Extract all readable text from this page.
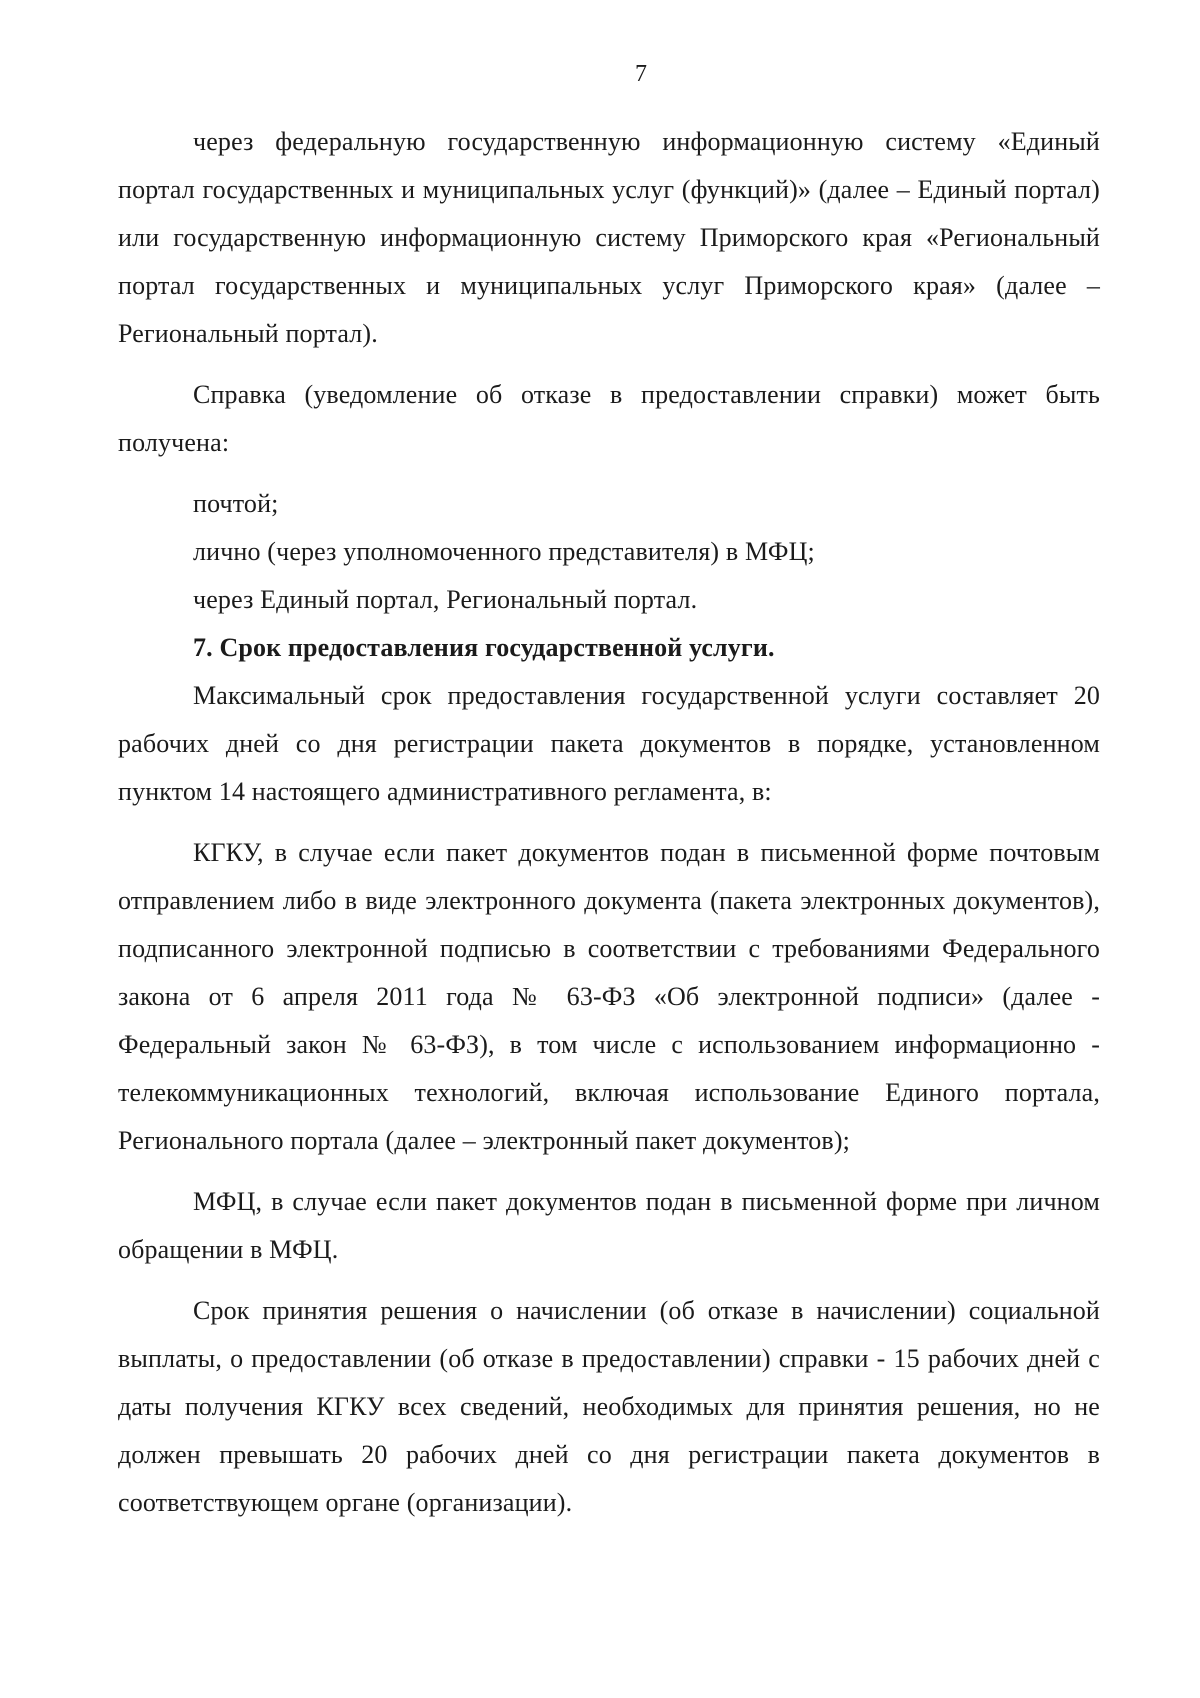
7

через федеральную государственную информационную систему «Единый портал государственных и муниципальных услуг (функций)» (далее – Единый портал) или государственную информационную систему Приморского края «Региональный портал государственных и муниципальных услуг Приморского края» (далее – Региональный портал).

Справка (уведомление об отказе в предоставлении справки) может быть получена:

почтой;

лично (через уполномоченного представителя) в МФЦ;

через Единый портал, Региональный портал.

7. Срок предоставления государственной услуги.

Максимальный срок предоставления государственной услуги составляет 20 рабочих дней со дня регистрации пакета документов в порядке, установленном пунктом 14 настоящего административного регламента, в:

КГКУ, в случае если пакет документов подан в письменной форме почтовым отправлением либо в виде электронного документа (пакета электронных документов), подписанного электронной подписью в соответствии с требованиями Федерального закона от 6 апреля 2011 года № 63-ФЗ «Об электронной подписи» (далее - Федеральный закон № 63-ФЗ), в том числе с использованием информационно - телекоммуникационных технологий, включая использование Единого портала, Регионального портала (далее – электронный пакет документов);

МФЦ, в случае если пакет документов подан в письменной форме при личном обращении в МФЦ.

Срок принятия решения о начислении (об отказе в начислении) социальной выплаты, о предоставлении (об отказе в предоставлении) справки - 15 рабочих дней с даты получения КГКУ всех сведений, необходимых для принятия решения, но не должен превышать 20 рабочих дней со дня регистрации пакета документов в соответствующем органе (организации).
